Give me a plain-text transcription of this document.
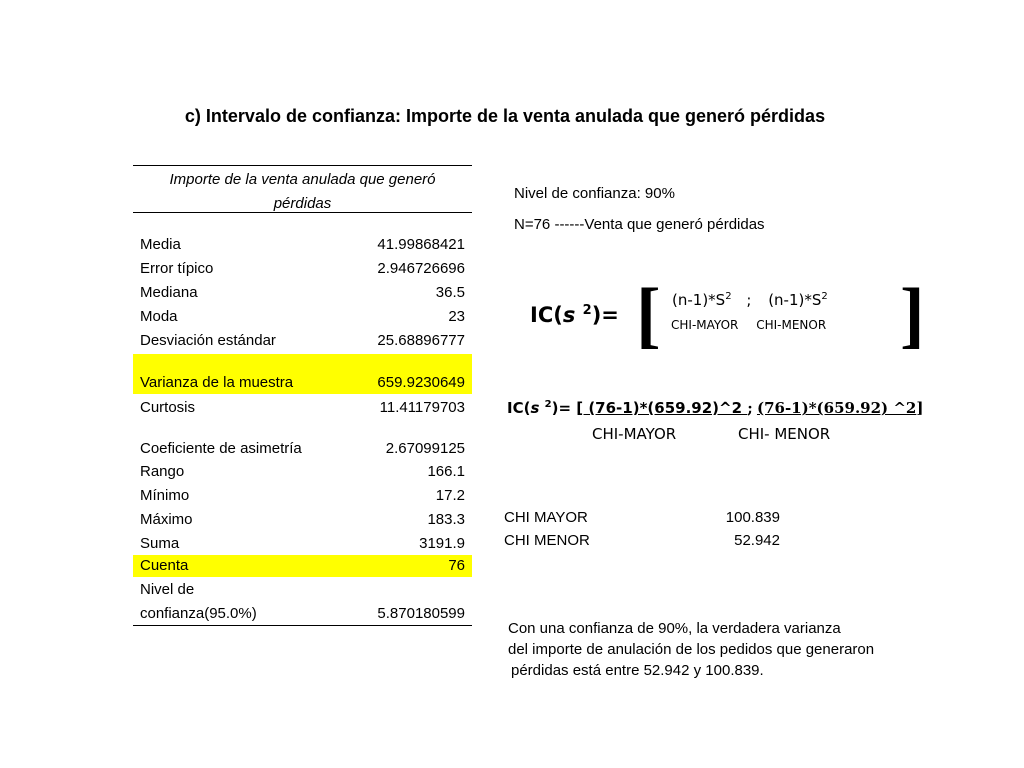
c) Intervalo de confianza: Importe de la venta anulada que generó pérdidas
Importe de la venta anulada que generó
pérdidas
Media	41.99868421
Error típico	2.946726696
Mediana	36.5
Moda	23
Desviación estándar	25.68896777
Varianza de la muestra	659.9230649
Curtosis	11.41179703
Coeficiente de asimetría	2.67099125
Rango	166.1
Mínimo	17.2
Máximo	183.3
Suma	3191.9
Cuenta	76
Nivel de
confianza(95.0%)	5.870180599
Nivel de confianza: 90%
N=76 ------Venta que generó pérdidas
IC(s $^2$)= [	]
$(n-1)*S^2$ ; $(n-1)*S^2$
CHI-MAYOR CHI-MENOR
IC(s $^2$)= [ (76-1)*(659.92)^2 ; (76-1)*(659.92) ^2]
CHI-MAYOR	CHI- MENOR
CHI MAYOR	100.839
CHI MENOR	52.942
Con una confianza de 90%, la verdadera varianza
del importe de anulación de los pedidos que generaron
pérdidas está entre 52.942 y 100.839.
